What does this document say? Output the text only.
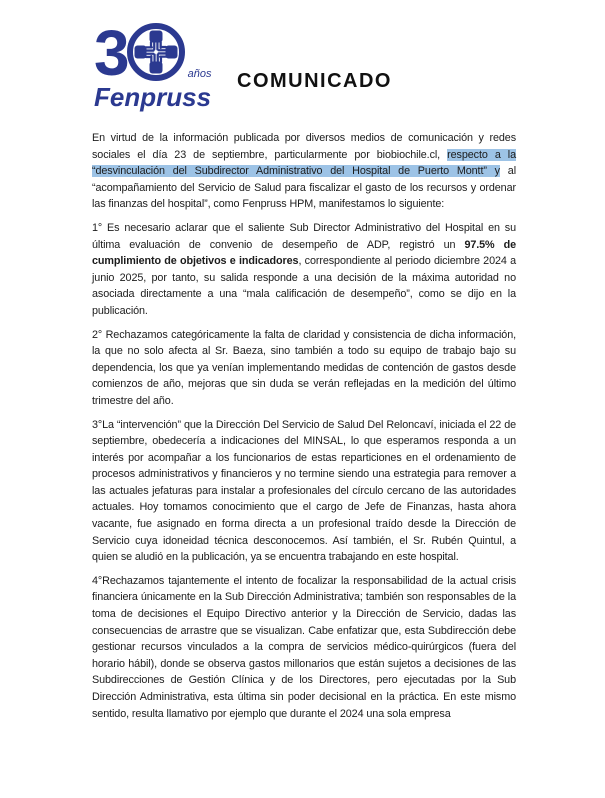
3	años
Fenpruss
COMUNICADO

En virtud de la información publicada por diversos medios de comunicación y redes sociales el día 23 de septiembre, particularmente por biobiochile.cl, respecto a la “desvinculación del Subdirector Administrativo del Hospital de Puerto Montt” y al “acompañamiento del Servicio de Salud para fiscalizar el gasto de los recursos y ordenar las finanzas del hospital”, como Fenpruss HPM, manifestamos lo siguiente:

1° Es necesario aclarar que el saliente Sub Director Administrativo del Hospital en su última evaluación de convenio de desempeño de ADP, registró un 97.5% de cumplimiento de objetivos e indicadores, correspondiente al periodo diciembre 2024 a junio 2025, por tanto, su salida responde a una decisión de la máxima autoridad no asociada directamente a una “mala calificación de desempeño”, como se dijo en la publicación.

2° Rechazamos categóricamente la falta de claridad y consistencia de dicha información, la que no solo afecta al Sr. Baeza, sino también a todo su equipo de trabajo bajo su dependencia, los que ya venían implementando medidas de contención de gastos desde comienzos de año, mejoras que sin duda se verán reflejadas en la medición del último trimestre del año.

3°La “intervención” que la Dirección Del Servicio de Salud Del Reloncaví, iniciada el 22 de septiembre, obedecería a indicaciones del MINSAL, lo que esperamos responda a un interés por acompañar a los funcionarios de estas reparticiones en el ordenamiento de procesos administrativos y financieros y no termine siendo una estrategia para remover a las actuales jefaturas para instalar a profesionales del círculo cercano de las autoridades actuales. Hoy tomamos conocimiento que el cargo de Jefe de Finanzas, hasta ahora vacante, fue asignado en forma directa a un profesional traído desde la Dirección de Servicio cuya idoneidad técnica desconocemos. Así también, el Sr. Rubén Quintul, a quien se aludió en la publicación, ya se encuentra trabajando en este hospital.

4°Rechazamos tajantemente el intento de focalizar la responsabilidad de la actual crisis financiera únicamente en la Sub Dirección Administrativa; también son responsables de la toma de decisiones el Equipo Directivo anterior y la Dirección de Servicio, dadas las consecuencias de arrastre que se visualizan. Cabe enfatizar que, esta Subdirección debe gestionar recursos vinculados a la compra de servicios médico-quirúrgicos (fuera del horario hábil), donde se observa gastos millonarios que están sujetos a decisiones de las Subdirecciones de Gestión Clínica y de los Directores, pero ejecutadas por la Sub Dirección Administrativa, esta última sin poder decisional en la práctica. En este mismo sentido, resulta llamativo por ejemplo que durante el 2024 una sola empresa
